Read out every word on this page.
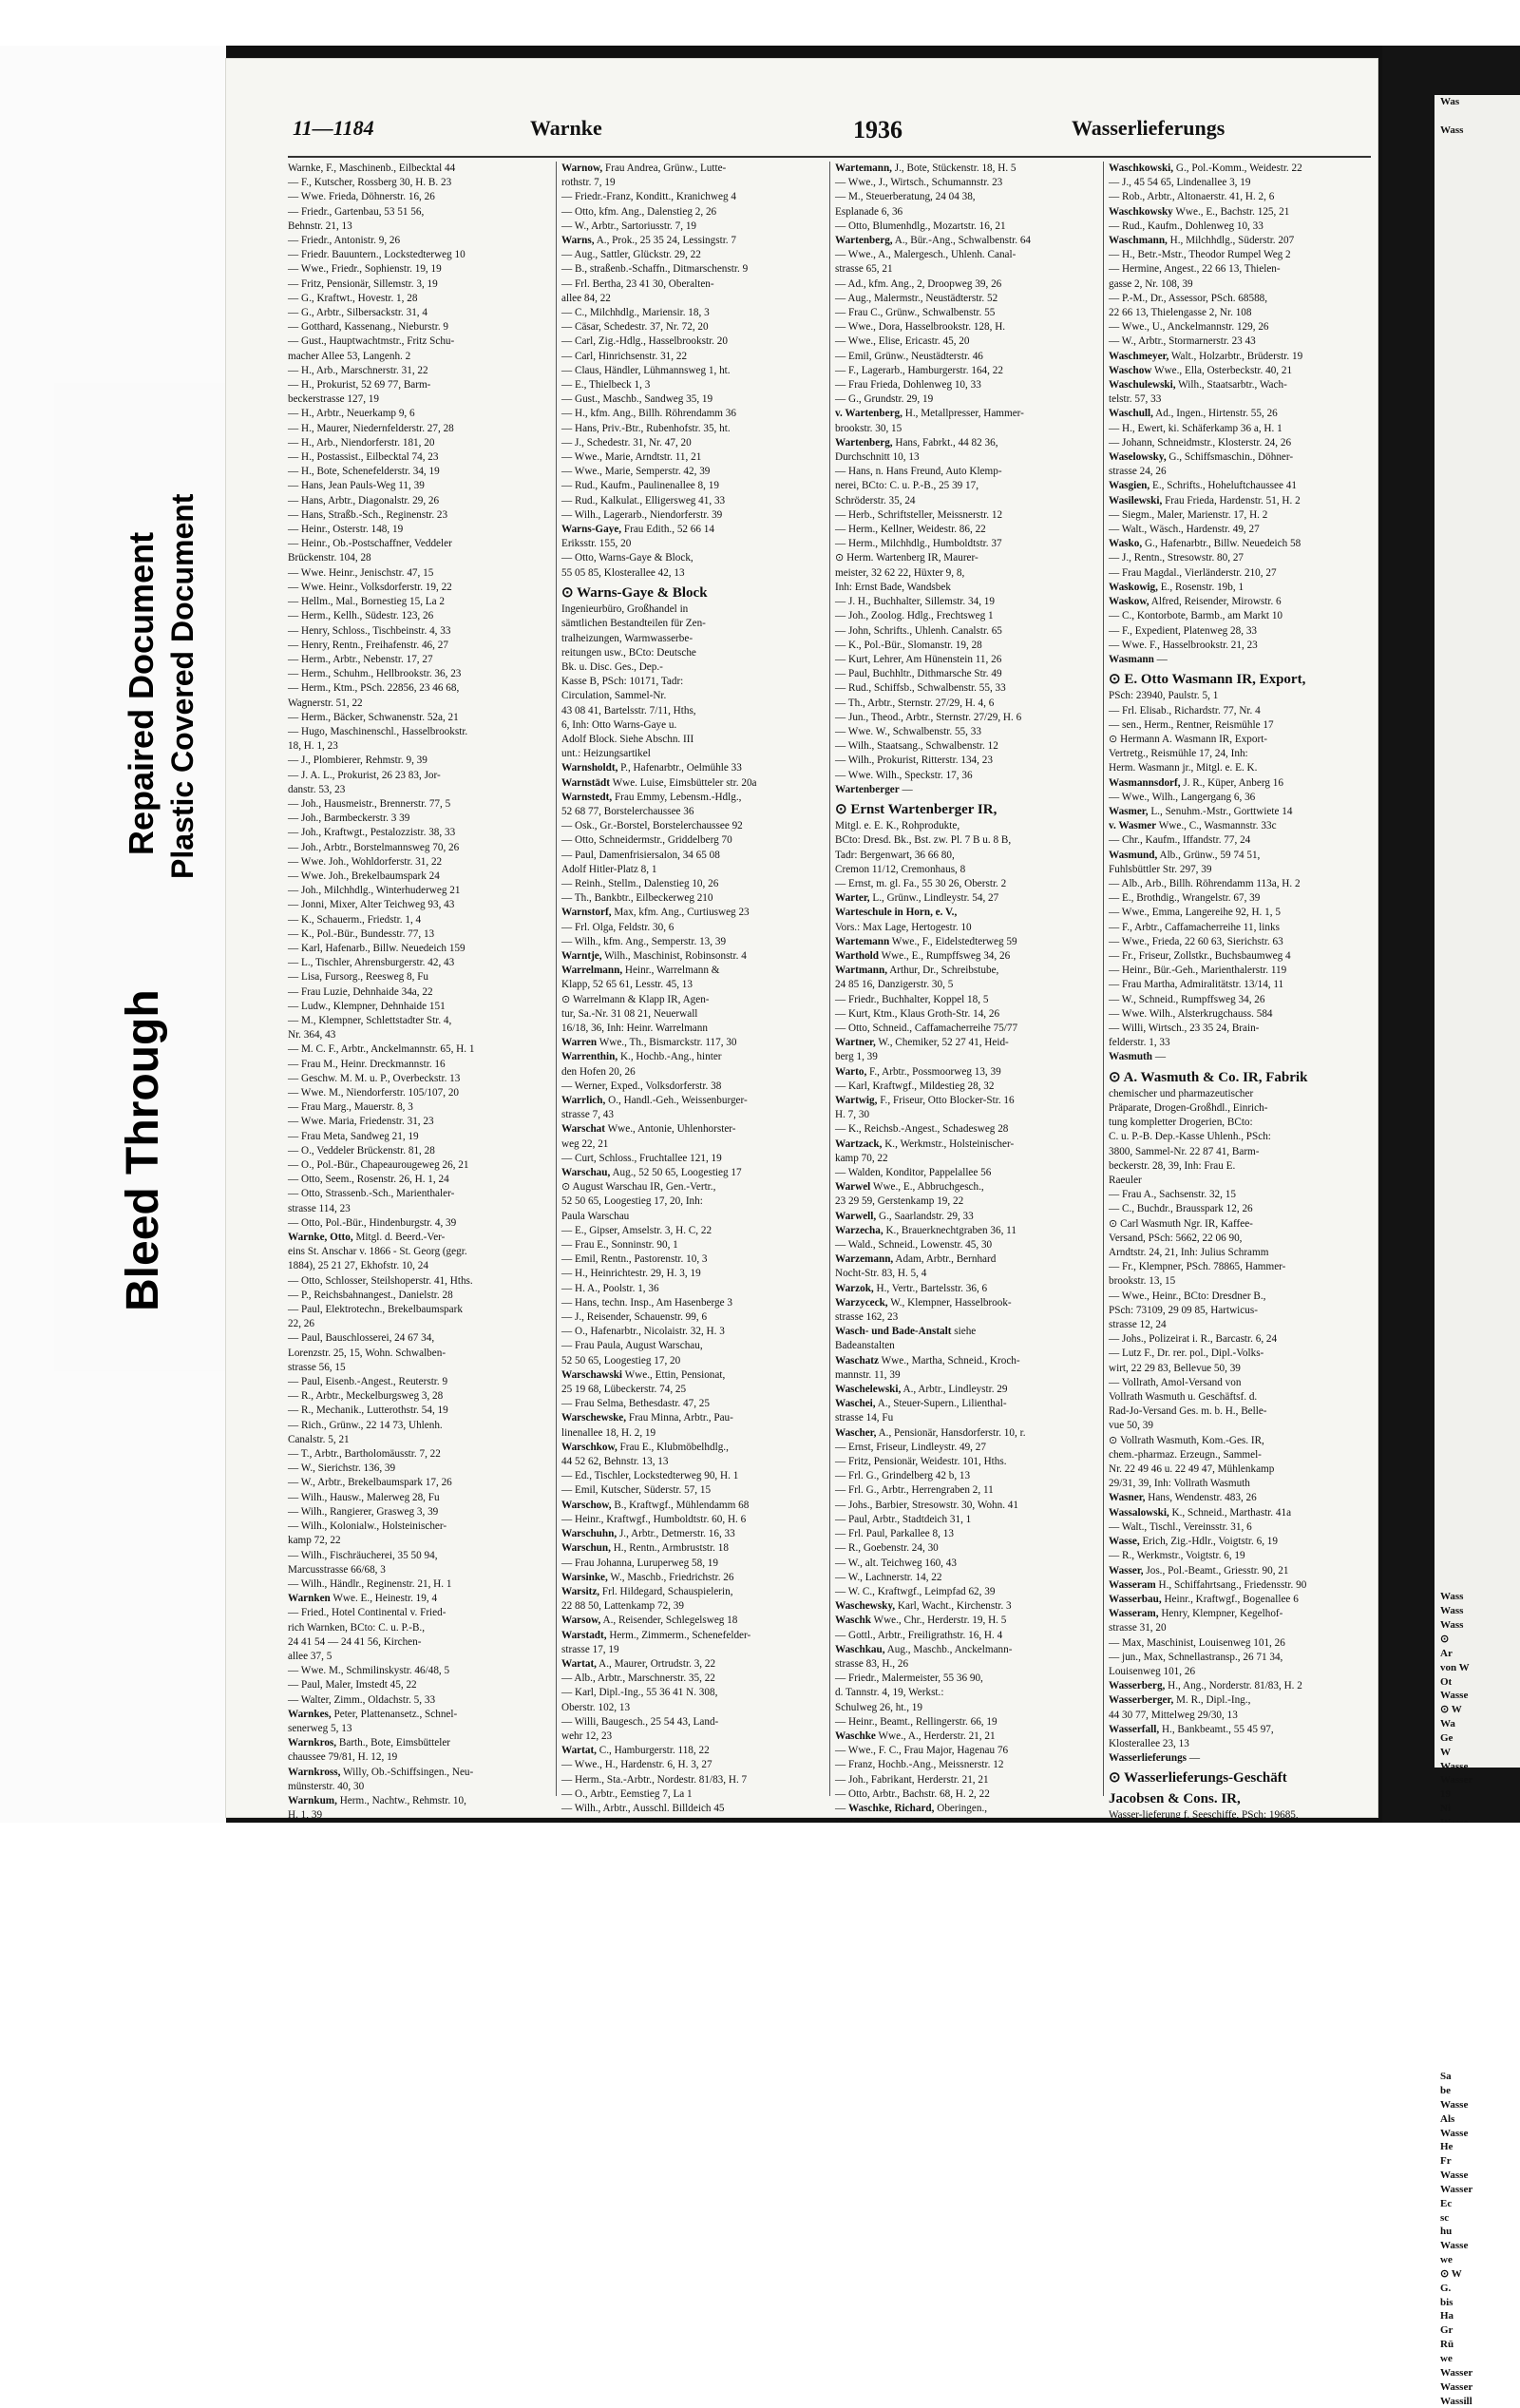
Was

Wass

Wass
Wass
Wass
⊙
Ar
von W
Ot
Wasse
⊙ W
Wa
Ge
W
Wasse
Wasser
19
Ni
Sa
be
Wasse
Als
Wasse
He
Fr
Wasse
Wasser
Ec
sc
hu
Wasse
we
⊙ W
G.
bis
Ha
Gr
Rü
we
Wasser
Wasser
Wassill
11—1184	Warnke	1936	Wasserlieferungs
Warnke, F., Maschinenb., Eilbecktal 44
— F., Kutscher, Rossberg 30, H. B. 23
— Wwe. Frieda, Döhnerstr. 16, 26
— Friedr., Gartenbau, 53 51 56,
Behnstr. 21, 13
— Friedr., Antonistr. 9, 26
— Friedr. Bauuntern., Lockstedterweg 10
— Wwe., Friedr., Sophienstr. 19, 19
— Fritz, Pensionär, Sillemstr. 3, 19
— G., Kraftwt., Hovestr. 1, 28
— G., Arbtr., Silbersackstr. 31, 4
— Gotthard, Kassenang., Nieburstr. 9
— Gust., Hauptwachtmstr., Fritz Schu-
macher Allee 53, Langenh. 2
— H., Arb., Marschnerstr. 31, 22
— H., Prokurist, 52 69 77, Barm-
beckerstrasse 127, 19
— H., Arbtr., Neuerkamp 9, 6
— H., Maurer, Niedernfelderstr. 27, 28
— H., Arb., Niendorferstr. 181, 20
— H., Postassist., Eilbecktal 74, 23
— H., Bote, Schenefelderstr. 34, 19
— Hans, Jean Pauls-Weg 11, 39
— Hans, Arbtr., Diagonalstr. 29, 26
— Hans, Straßb.-Sch., Reginenstr. 23
— Heinr., Osterstr. 148, 19
— Heinr., Ob.-Postschaffner, Veddeler
Brückenstr. 104, 28
— Wwe. Heinr., Jenischstr. 47, 15
— Wwe. Heinr., Volksdorferstr. 19, 22
— Hellm., Mal., Bornestieg 15, La 2
— Herm., Kellh., Südestr. 123, 26
— Henry, Schloss., Tischbeinstr. 4, 33
— Henry, Rentn., Freihafenstr. 46, 27
— Herm., Arbtr., Nebenstr. 17, 27
— Herm., Schuhm., Hellbrookstr. 36, 23
— Herm., Ktm., PSch. 22856, 23 46 68,
Wagnerstr. 51, 22
— Herm., Bäcker, Schwanenstr. 52a, 21
— Hugo, Maschinenschl., Hasselbrookstr.
18, H. 1, 23
— J., Plombierer, Rehmstr. 9, 39
— J. A. L., Prokurist, 26 23 83, Jor-
danstr. 53, 23
— Joh., Hausmeistr., Brennerstr. 77, 5
— Joh., Barmbeckerstr. 3 39
— Joh., Kraftwgt., Pestalozzistr. 38, 33
— Joh., Arbtr., Borstelmannsweg 70, 26
— Wwe. Joh., Wohldorferstr. 31, 22
— Wwe. Joh., Brekelbaumspark 24
— Joh., Milchhdlg., Winterhuderweg 21
— Jonni, Mixer, Alter Teichweg 93, 43
— K., Schauerm., Friedstr. 1, 4
— K., Pol.-Bür., Bundesstr. 77, 13
— Karl, Hafenarb., Billw. Neuedeich 159
— L., Tischler, Ahrensburgerstr. 42, 43
— Lisa, Fursorg., Reesweg 8, Fu
— Frau Luzie, Dehnhaide 34a, 22
— Ludw., Klempner, Dehnhaide 151
— M., Klempner, Schlettstadter Str. 4,
Nr. 364, 43
— M. C. F., Arbtr., Anckelmannstr. 65, H. 1
— Frau M., Heinr. Dreckmannstr. 16
— Geschw. M. M. u. P., Overbeckstr. 13
— Wwe. M., Niendorferstr. 105/107, 20
— Frau Marg., Mauerstr. 8, 3
— Wwe. Maria, Friedenstr. 31, 23
— Frau Meta, Sandweg 21, 19
— O., Veddeler Brückenstr. 81, 28
— O., Pol.-Bür., Chapeaurougeweg 26, 21
— Otto, Seem., Rosenstr. 26, H. 1, 24
— Otto, Strassenb.-Sch., Marienthaler-
strasse 114, 23
— Otto, Pol.-Bür., Hindenburgstr. 4, 39
Warnke, Otto, Mitgl. d. Beerd.-Ver-
eins St. Anschar v. 1866 - St. Georg (gegr.
1884), 25 21 27, Ekhofstr. 10, 24
— Otto, Schlosser, Steilshoperstr. 41, Hths.
— P., Reichsbahnangest., Danielstr. 28
— Paul, Elektrotechn., Brekelbaumspark
22, 26
— Paul, Bauschlosserei, 24 67 34,
Lorenzstr. 25, 15, Wohn. Schwalben-
strasse 56, 15
— Paul, Eisenb.-Angest., Reuterstr. 9
— R., Arbtr., Meckelburgsweg 3, 28
— R., Mechanik., Lutterothstr. 54, 19
— Rich., Grünw., 22 14 73, Uhlenh.
Canalstr. 5, 21
— T., Arbtr., Bartholomäusstr. 7, 22
— W., Sierichstr. 136, 39
— W., Arbtr., Brekelbaumspark 17, 26
— Wilh., Hausw., Malerweg 28, Fu
— Wilh., Rangierer, Grasweg 3, 39
— Wilh., Kolonialw., Holsteinischer-
kamp 72, 22
— Wilh., Fischräucherei, 35 50 94,
Marcusstrasse 66/68, 3
— Wilh., Händlr., Reginenstr. 21, H. 1
Warnken Wwe. E., Heinestr. 19, 4
— Fried., Hotel Continental v. Fried-
rich Warnken, BCto: C. u. P.-B.,
24 41 54 — 24 41 56, Kirchen-
allee 37, 5
— Wwe. M., Schmilinskystr. 46/48, 5
— Paul, Maler, Imstedt 45, 22
— Walter, Zimm., Oldachstr. 5, 33
Warnkes, Peter, Plattenansetz., Schnel-
senerweg 5, 13
Warnkros, Barth., Bote, Eimsbütteler
chaussee 79/81, H. 12, 19
Warnkross, Willy, Ob.-Schiffsingen., Neu-
münsterstr. 40, 30
Warnkum, Herm., Nachtw., Rehmstr. 10,
H. 1, 39
Warnow, Frau Andrea, Grünw., Lutte-
rothstr. 7, 19
— Friedr.-Franz, Konditt., Kranichweg 4
— Otto, kfm. Ang., Dalenstieg 2, 26
— W., Arbtr., Sartoriusstr. 7, 19
Warns, A., Prok., 25 35 24, Lessingstr. 7
— Aug., Sattler, Glückstr. 29, 22
— B., straßenb.-Schaffn., Ditmarschenstr. 9
— Frl. Bertha, 23 41 30, Oberalten-
allee 84, 22
— C., Milchhdlg., Mariensir. 18, 3
— Cäsar, Schedestr. 37, Nr. 72, 20
— Carl, Zig.-Hdlg., Hasselbrookstr. 20
— Carl, Hinrichsenstr. 31, 22
— Claus, Händler, Lühmannsweg 1, ht.
— E., Thielbeck 1, 3
— Gust., Maschb., Sandweg 35, 19
— H., kfm. Ang., Billh. Röhrendamm 36
— Hans, Priv.-Btr., Rubenhofstr. 35, ht.
— J., Schedestr. 31, Nr. 47, 20
— Wwe., Marie, Arndtstr. 11, 21
— Wwe., Marie, Semperstr. 42, 39
— Rud., Kaufm., Paulinenallee 8, 19
— Rud., Kalkulat., Elligersweg 41, 33
— Wilh., Lagerarb., Niendorferstr. 39
Warns-Gaye, Frau Edith., 52 66 14
Eriksstr. 155, 20
— Otto, Warns-Gaye & Block,
55 05 85, Klosterallee 42, 13
⊙ Warns-Gaye & Block
Ingenieurbüro, Großhandel in
sämtlichen Bestandteilen für Zen-
tralheizungen, Warmwasserbe-
reitungen usw., BCto: Deutsche
Bk. u. Disc. Ges., Dep.-
Kasse B, PSch: 10171, Tadr:
Circulation, Sammel-Nr.
43 08 41, Bartelsstr. 7/11, Hths,
6, Inh: Otto Warns-Gaye u.
Adolf Block. Siehe Abschn. III
unt.: Heizungsartikel
Warnsholdt, P., Hafenarbtr., Oelmühle 33
Warnstädt Wwe. Luise, Eimsbütteler str. 20a
Warnstedt, Frau Emmy, Lebensm.-Hdlg.,
52 68 77, Borstelerchaussee 36
— Osk., Gr.-Borstel, Borstelerchaussee 92
— Otto, Schneidermstr., Griddelberg 70
— Paul, Damenfrisiersalon, 34 65 08
Adolf Hitler-Platz 8, 1
— Reinh., Stellm., Dalenstieg 10, 26
— Th., Bankbtr., Eilbeckerweg 210
Warnstorf, Max, kfm. Ang., Curtiusweg 23
— Frl. Olga, Feldstr. 30, 6
— Wilh., kfm. Ang., Semperstr. 13, 39
Warntje, Wilh., Maschinist, Robinsonstr. 4
Warrelmann, Heinr., Warrelmann &
Klapp, 52 65 61, Lesstr. 45, 13
⊙ Warrelmann & Klapp IR, Agen-
tur, Sa.-Nr. 31 08 21, Neuerwall
16/18, 36, Inh: Heinr. Warrelmann
Warren Wwe., Th., Bismarckstr. 117, 30
Warrenthin, K., Hochb.-Ang., hinter
den Hofen 20, 26
— Werner, Exped., Volksdorferstr. 38
Warrlich, O., Handl.-Geh., Weissenburger-
strasse 7, 43
Warschat Wwe., Antonie, Uhlenhorster-
weg 22, 21
— Curt, Schloss., Fruchtallee 121, 19
Warschau, Aug., 52 50 65, Loogestieg 17
⊙ August Warschau IR, Gen.-Vertr.,
52 50 65, Loogestieg 17, 20, Inh:
Paula Warschau
— E., Gipser, Amselstr. 3, H. C, 22
— Frau E., Sonninstr. 90, 1
— Emil, Rentn., Pastorenstr. 10, 3
— H., Heinrichtestr. 29, H. 3, 19
— H. A., Poolstr. 1, 36
— Hans, techn. Insp., Am Hasenberge 3
— J., Reisender, Schauenstr. 99, 6
— O., Hafenarbtr., Nicolaistr. 32, H. 3
— Frau Paula, August Warschau,
52 50 65, Loogestieg 17, 20
Warschawski Wwe., Ettin, Pensionat,
25 19 68, Lübeckerstr. 74, 25
— Frau Selma, Bethesdastr. 47, 25
Warschewske, Frau Minna, Arbtr., Pau-
linenallee 18, H. 2, 19
Warschkow, Frau E., Klubmöbelhdlg.,
44 52 62, Behnstr. 13, 13
— Ed., Tischler, Lockstedterweg 90, H. 1
— Emil, Kutscher, Süderstr. 57, 15
Warschow, B., Kraftwgf., Mühlendamm 68
— Heinr., Kraftwgf., Humboldtstr. 60, H. 6
Warschuhn, J., Arbtr., Detmerstr. 16, 33
Warschun, H., Rentn., Armbruststr. 18
— Frau Johanna, Luruperweg 58, 19
Warsinke, W., Maschb., Friedrichstr. 26
Warsitz, Frl. Hildegard, Schauspielerin,
22 88 50, Lattenkamp 72, 39
Warsow, A., Reisender, Schlegelsweg 18
Warstadt, Herm., Zimmerm., Schenefelder-
strasse 17, 19
Wartat, A., Maurer, Ortrudstr. 3, 22
— Alb., Arbtr., Marschnerstr. 35, 22
— Karl, Dipl.-Ing., 55 36 41 N. 308,
Oberstr. 102, 13
— Willi, Baugesch., 25 54 43, Land-
wehr 12, 23
Wartat, C., Hamburgerstr. 118, 22
— Wwe., H., Hardenstr. 6, H. 3, 27
— Herm., Sta.-Arbtr., Nordestr. 81/83, H. 7
— O., Arbtr., Eemstieg 7, La 1
— Wilh., Arbtr., Ausschl. Billdeich 45
Wartemann, J., Bote, Stückenstr. 18, H. 5
— Wwe., J., Wirtsch., Schumannstr. 23
— M., Steuerberatung, 24 04 38,
Esplanade 6, 36
— Otto, Blumenhdlg., Mozartstr. 16, 21
Wartenberg, A., Bür.-Ang., Schwalbenstr. 64
— Wwe., A., Malergesch., Uhlenh. Canal-
strasse 65, 21
— Ad., kfm. Ang., 2, Droopweg 39, 26
— Aug., Malermstr., Neustädterstr. 52
— Frau C., Grünw., Schwalbenstr. 55
— Wwe., Dora, Hasselbrookstr. 128, H.
— Wwe., Elise, Ericastr. 45, 20
— Emil, Grünw., Neustädterstr. 46
— F., Lagerarb., Hamburgerstr. 164, 22
— Frau Frieda, Dohlenweg 10, 33
— G., Grundstr. 29, 19
v. Wartenberg, H., Metallpresser, Hammer-
brookstr. 30, 15
Wartenberg, Hans, Fabrkt., 44 82 36,
Durchschnitt 10, 13
— Hans, n. Hans Freund, Auto Klemp-
nerei, BCto: C. u. P.-B., 25 39 17,
Schröderstr. 35, 24
— Herb., Schriftsteller, Meissnerstr. 12
— Herm., Kellner, Weidestr. 86, 22
— Herm., Milchhdlg., Humboldtstr. 37
⊙ Herm. Wartenberg IR, Maurer-
meister, 32 62 22, Hüxter 9, 8,
Inh: Ernst Bade, Wandsbek
— J. H., Buchhalter, Sillemstr. 34, 19
— Joh., Zoolog. Hdlg., Frechtsweg 1
— John, Schrifts., Uhlenh. Canalstr. 65
— K., Pol.-Bür., Slomanstr. 19, 28
— Kurt, Lehrer, Am Hünenstein 11, 26
— Paul, Buchhltr., Dithmarsche Str. 49
— Rud., Schiffsb., Schwalbenstr. 55, 33
— Th., Arbtr., Sternstr. 27/29, H. 4, 6
— Jun., Theod., Arbtr., Sternstr. 27/29, H. 6
— Wwe. W., Schwalbenstr. 55, 33
— Wilh., Staatsang., Schwalbenstr. 12
— Wilh., Prokurist, Ritterstr. 134, 23
— Wwe. Wilh., Speckstr. 17, 36
Wartenberger —
⊙ Ernst Wartenberger IR,
Mitgl. e. E. K., Rohprodukte,
BCto: Dresd. Bk., Bst. zw. Pl. 7 B u. 8 B,
Tadr: Bergenwart, 36 66 80,
Cremon 11/12, Cremonhaus, 8
— Ernst, m. gl. Fa., 55 30 26, Oberstr. 2
Warter, L., Grünw., Lindleystr. 54, 27
Warteschule in Horn, e. V.,
Vors.: Max Lage, Hertogestr. 10
Wartemann Wwe., F., Eidelstedterweg 59
Warthold Wwe., E., Rumpffsweg 34, 26
Wartmann, Arthur, Dr., Schreibstube,
24 85 16, Danzigerstr. 30, 5
— Friedr., Buchhalter, Koppel 18, 5
— Kurt, Ktm., Klaus Groth-Str. 14, 26
— Otto, Schneid., Caffamacherreihe 75/77
Wartner, W., Chemiker, 52 27 41, Heid-
berg 1, 39
Warto, F., Arbtr., Possmoorweg 13, 39
— Karl, Kraftwgf., Mildestieg 28, 32
Wartwig, F., Friseur, Otto Blocker-Str. 16
H. 7, 30
— K., Reichsb.-Angest., Schadesweg 28
Wartzack, K., Werkmstr., Holsteinischer-
kamp 70, 22
— Walden, Konditor, Pappelallee 56
Warwel Wwe., E., Abbruchgesch.,
23 29 59, Gerstenkamp 19, 22
Warwell, G., Saarlandstr. 29, 33
Warzecha, K., Brauerknechtgraben 36, 11
— Wald., Schneid., Lowenstr. 45, 30
Warzemann, Adam, Arbtr., Bernhard
Nocht-Str. 83, H. 5, 4
Warzok, H., Vertr., Bartelsstr. 36, 6
Warzyceck, W., Klempner, Hasselbrook-
strasse 162, 23
Wasch- und Bade-Anstalt siehe
Badeanstalten
Waschatz Wwe., Martha, Schneid., Kroch-
mannstr. 11, 39
Waschelewski, A., Arbtr., Lindleystr. 29
Waschei, A., Steuer-Supern., Lilienthal-
strasse 14, Fu
Wascher, A., Pensionär, Hansdorferstr. 10, r.
— Ernst, Friseur, Lindleystr. 49, 27
— Fritz, Pensionär, Weidestr. 101, Hths.
— Frl. G., Grindelberg 42 b, 13
— Frl. G., Arbtr., Herrengraben 2, 11
— Johs., Barbier, Stresowstr. 30, Wohn. 41
— Paul, Arbtr., Stadtdeich 31, 1
— Frl. Paul, Parkallee 8, 13
— R., Goebenstr. 24, 30
— W., alt. Teichweg 160, 43
— W., Lachnerstr. 14, 22
— W. C., Kraftwgf., Leimpfad 62, 39
Waschewsky, Karl, Wacht., Kirchenstr. 3
Waschk Wwe., Chr., Herderstr. 19, H. 5
— Gottl., Arbtr., Freiligrathstr. 16, H. 4
Waschkau, Aug., Maschb., Anckelmann-
strasse 83, H., 26
— Friedr., Malermeister, 55 36 90,
d. Tannstr. 4, 19, Werkst.:
Schulweg 26, ht., 19
— Heinr., Beamt., Rellingerstr. 66, 19
Waschke Wwe., A., Herderstr. 21, 21
— Wwe., F. C., Frau Major, Hagenau 76
— Franz, Hochb.-Ang., Meissnerstr. 12
— Joh., Fabrikant, Herderstr. 21, 21
— Otto, Arbtr., Bachstr. 68, H. 2, 22
— Waschke, Richard, Oberingen.,
Waschkowski, G., Pol.-Komm., Weidestr. 22
— J., 45 54 65, Lindenallee 3, 19
— Rob., Arbtr., Altonaerstr. 41, H. 2, 6
Waschkowsky Wwe., E., Bachstr. 125, 21
— Rud., Kaufm., Dohlenweg 10, 33
Waschmann, H., Milchhdlg., Süderstr. 207
— H., Betr.-Mstr., Theodor Rumpel Weg 2
— Hermine, Angest., 22 66 13, Thielen-
gasse 2, Nr. 108, 39
— P.-M., Dr., Assessor, PSch. 68588,
22 66 13, Thielengasse 2, Nr. 108
— Wwe., U., Anckelmannstr. 129, 26
— W., Arbtr., Stormarnerstr. 23 43
Waschmeyer, Walt., Holzarbtr., Brüderstr. 19
Waschow Wwe., Ella, Osterbeckstr. 40, 21
Waschulewski, Wilh., Staatsarbtr., Wach-
telstr. 57, 33
Waschull, Ad., Ingen., Hirtenstr. 55, 26
— H., Ewert, ki. Schäferkamp 36 a, H. 1
— Johann, Schneidmstr., Klosterstr. 24, 26
Waselowsky, G., Schiffsmaschin., Döhner-
strasse 24, 26
Wasgien, E., Schrifts., Hoheluftchaussee 41
Wasilewski, Frau Frieda, Hardenstr. 51, H. 2
— Siegm., Maler, Marienstr. 17, H. 2
— Walt., Wäsch., Hardenstr. 49, 27
Wasko, G., Hafenarbtr., Billw. Neuedeich 58
— J., Rentn., Stresowstr. 80, 27
— Frau Magdal., Vierländerstr. 210, 27
Waskowig, E., Rosenstr. 19b, 1
Waskow, Alfred, Reisender, Mirowstr. 6
— C., Kontorbote, Barmb., am Markt 10
— F., Expedient, Platenweg 28, 33
— Wwe. F., Hasselbrookstr. 21, 23
Wasmann —
⊙ E. Otto Wasmann IR, Export,
PSch: 23940, Paulstr. 5, 1
— Frl. Elisab., Richardstr. 77, Nr. 4
— sen., Herm., Rentner, Reismühle 17
⊙ Hermann A. Wasmann IR, Export-
Vertretg., Reismühle 17, 24, Inh:
Herm. Wasmann jr., Mitgl. e. E. K.
Wasmannsdorf, J. R., Küper, Anberg 16
— Wwe., Wilh., Langergang 6, 36
Wasmer, L., Senuhm.-Mstr., Gorttwiete 14
v. Wasmer Wwe., C., Wasmannstr. 33c
— Chr., Kaufm., Iffandstr. 77, 24
Wasmund, Alb., Grünw., 59 74 51,
Fuhlsbüttler Str. 297, 39
— Alb., Arb., Billh. Röhrendamm 113a, H. 2
— E., Brothdig., Wrangelstr. 67, 39
— Wwe., Emma, Langereihe 92, H. 1, 5
— F., Arbtr., Caffamacherreihe 11, links
— Wwe., Frieda, 22 60 63, Sierichstr. 63
— Fr., Friseur, Zollstkr., Buchsbaumweg 4
— Heinr., Bür.-Geh., Marienthalerstr. 119
— Frau Martha, Admiralitätstr. 13/14, 11
— W., Schneid., Rumpffsweg 34, 26
— Wwe. Wilh., Alsterkrugchauss. 584
— Willi, Wirtsch., 23 35 24, Brain-
felderstr. 1, 33
Wasmuth —
⊙ A. Wasmuth & Co. IR, Fabrik
chemischer und pharmazeutischer
Präparate, Drogen-Großhdl., Einrich-
tung kompletter Drogerien, BCto:
C. u. P.-B. Dep.-Kasse Uhlenh., PSch:
3800, Sammel-Nr. 22 87 41, Barm-
beckerstr. 28, 39, Inh: Frau E.
Raeuler
— Frau A., Sachsenstr. 32, 15
— C., Buchdr., Brausspark 12, 26
⊙ Carl Wasmuth Ngr. IR, Kaffee-
Versand, PSch: 5662, 22 06 90,
Arndtstr. 24, 21, Inh: Julius Schramm
— Fr., Klempner, PSch. 78865, Hammer-
brookstr. 13, 15
— Wwe., Heinr., BCto: Dresdner B.,
PSch: 73109, 29 09 85, Hartwicus-
strasse 12, 24
— Johs., Polizeirat i. R., Barcastr. 6, 24
— Lutz F., Dr. rer. pol., Dipl.-Volks-
wirt, 22 29 83, Bellevue 50, 39
— Vollrath, Amol-Versand von
Vollrath Wasmuth u. Geschäftsf. d.
Rad-Jo-Versand Ges. m. b. H., Belle-
vue 50, 39
⊙ Vollrath Wasmuth, Kom.-Ges. IR,
chem.-pharmaz. Erzeugn., Sammel-
Nr. 22 49 46 u. 22 49 47, Mühlenkamp
29/31, 39, Inh: Vollrath Wasmuth
Wasner, Hans, Wendenstr. 483, 26
Wassalowski, K., Schneid., Marthastr. 41a
— Walt., Tischl., Vereinsstr. 31, 6
Wasse, Erich, Zig.-Hdlr., Voigtstr. 6, 19
— R., Werkmstr., Voigtstr. 6, 19
Wasser, Jos., Pol.-Beamt., Griesstr. 90, 21
Wasseram H., Schiffahrtsang., Friedensstr. 90
Wasserbau, Heinr., Kraftwgf., Bogenallee 6
Wasseram, Henry, Klempner, Kegelhof-
strasse 31, 20
— Max, Maschinist, Louisenweg 101, 26
— jun., Max, Schnellastransp., 26 71 34,
Louisenweg 101, 26
Wasserberg, H., Ang., Norderstr. 81/83, H. 2
Wasserberger, M. R., Dipl.-Ing.,
44 30 77, Mittelweg 29/30, 13
Wasserfall, H., Bankbeamt., 55 45 97,
Klosterallee 23, 13
Wasserlieferungs —
⊙ Wasserlieferungs-Geschäft
Jacobsen & Cons. IR,
Wasser-lieferung f. Seeschiffe, PSch: 19685,
Bleed Through
Repaired Document Plastic Covered Document
